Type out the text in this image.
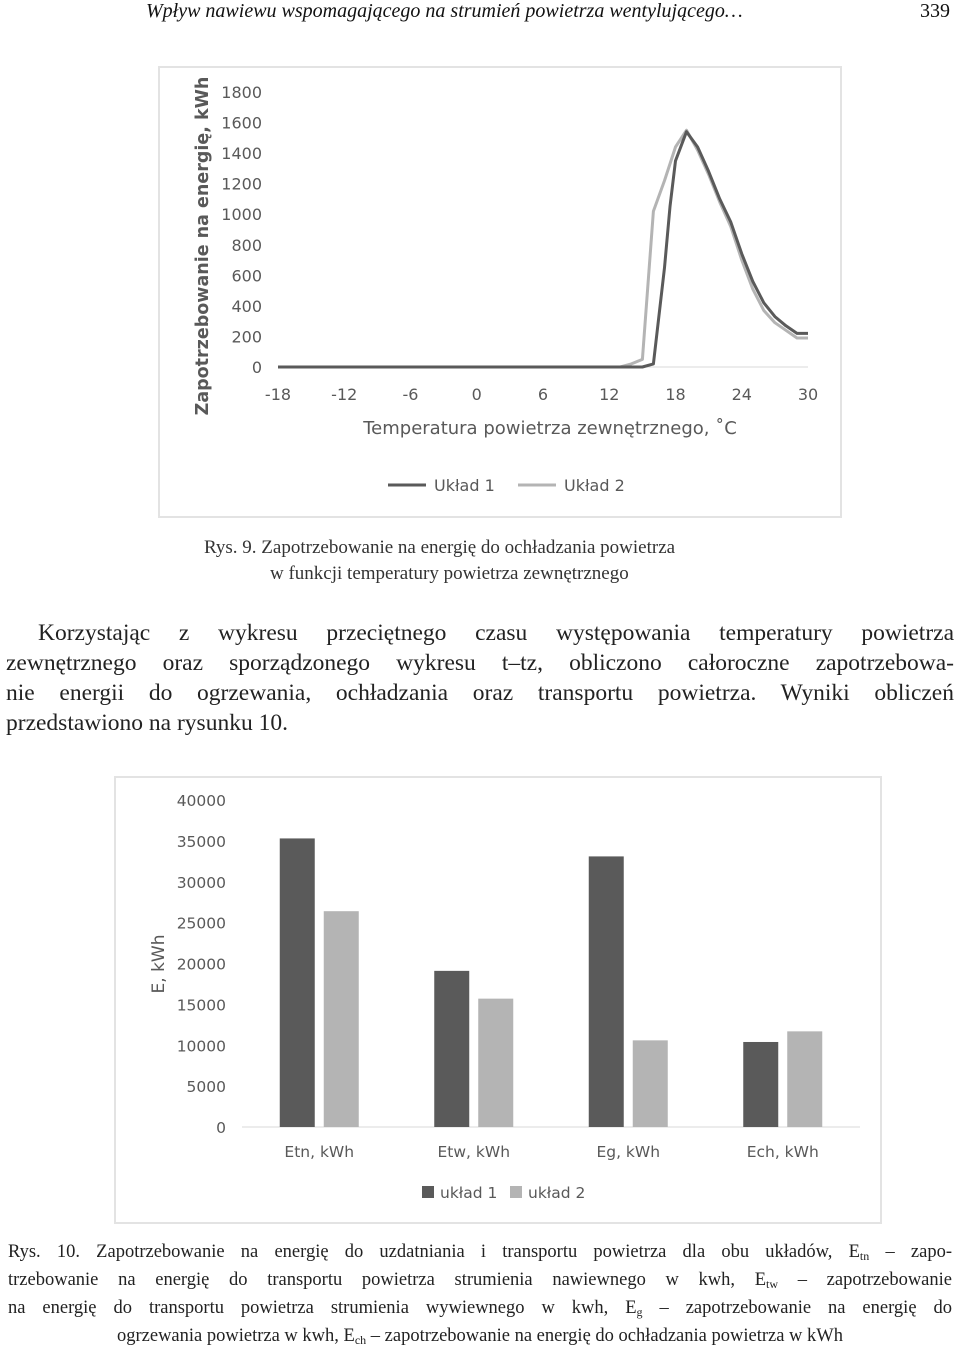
Wpływ nawiewu wspomagającego na strumień powietrza wentylującego…	339
0
200
400
600
800
1000
1200
1400
1600
1800
-18	-12	-6	0	6	12	18	24	30
Temperatura powietrza zewnętrznego, ˚C
Zapotrzebowanie na energię, kWh
Układ 1	Układ 2
Rys. 9. Zapotrzebowanie na energię do ochładzania powietrza
w funkcji temperatury powietrza zewnętrznego
Korzystając z wykresu przeciętnego czasu występowania temperatury powietrza
zewnętrznego oraz sporządzonego wykresu t–tz, obliczono całoroczne zapotrzebowa-
nie energii do ogrzewania, ochładzania oraz transportu powietrza. Wyniki obliczeń
przedstawiono na rysunku 10.
0
5000
10000
15000
20000
25000
30000
35000
40000
E, kWh
Etn, kWh	Etw, kWh	Eg, kWh	Ech, kWh
układ 1 układ 2
Rys. 10. Zapotrzebowanie na energię do uzdatniania i transportu powietrza dla obu układów, $E_{tn}$ – zapo-
trzebowanie na energię do transportu powietrza strumienia nawiewnego w kwh, $E_{tw}$ – zapotrzebowanie
na energię do transportu powietrza strumienia wywiewnego w kwh, $E_g$ – zapotrzebowanie na energię do
ogrzewania powietrza w kwh, $E_{ch}$ – zapotrzebowanie na energię do ochładzania powietrza w kWh
